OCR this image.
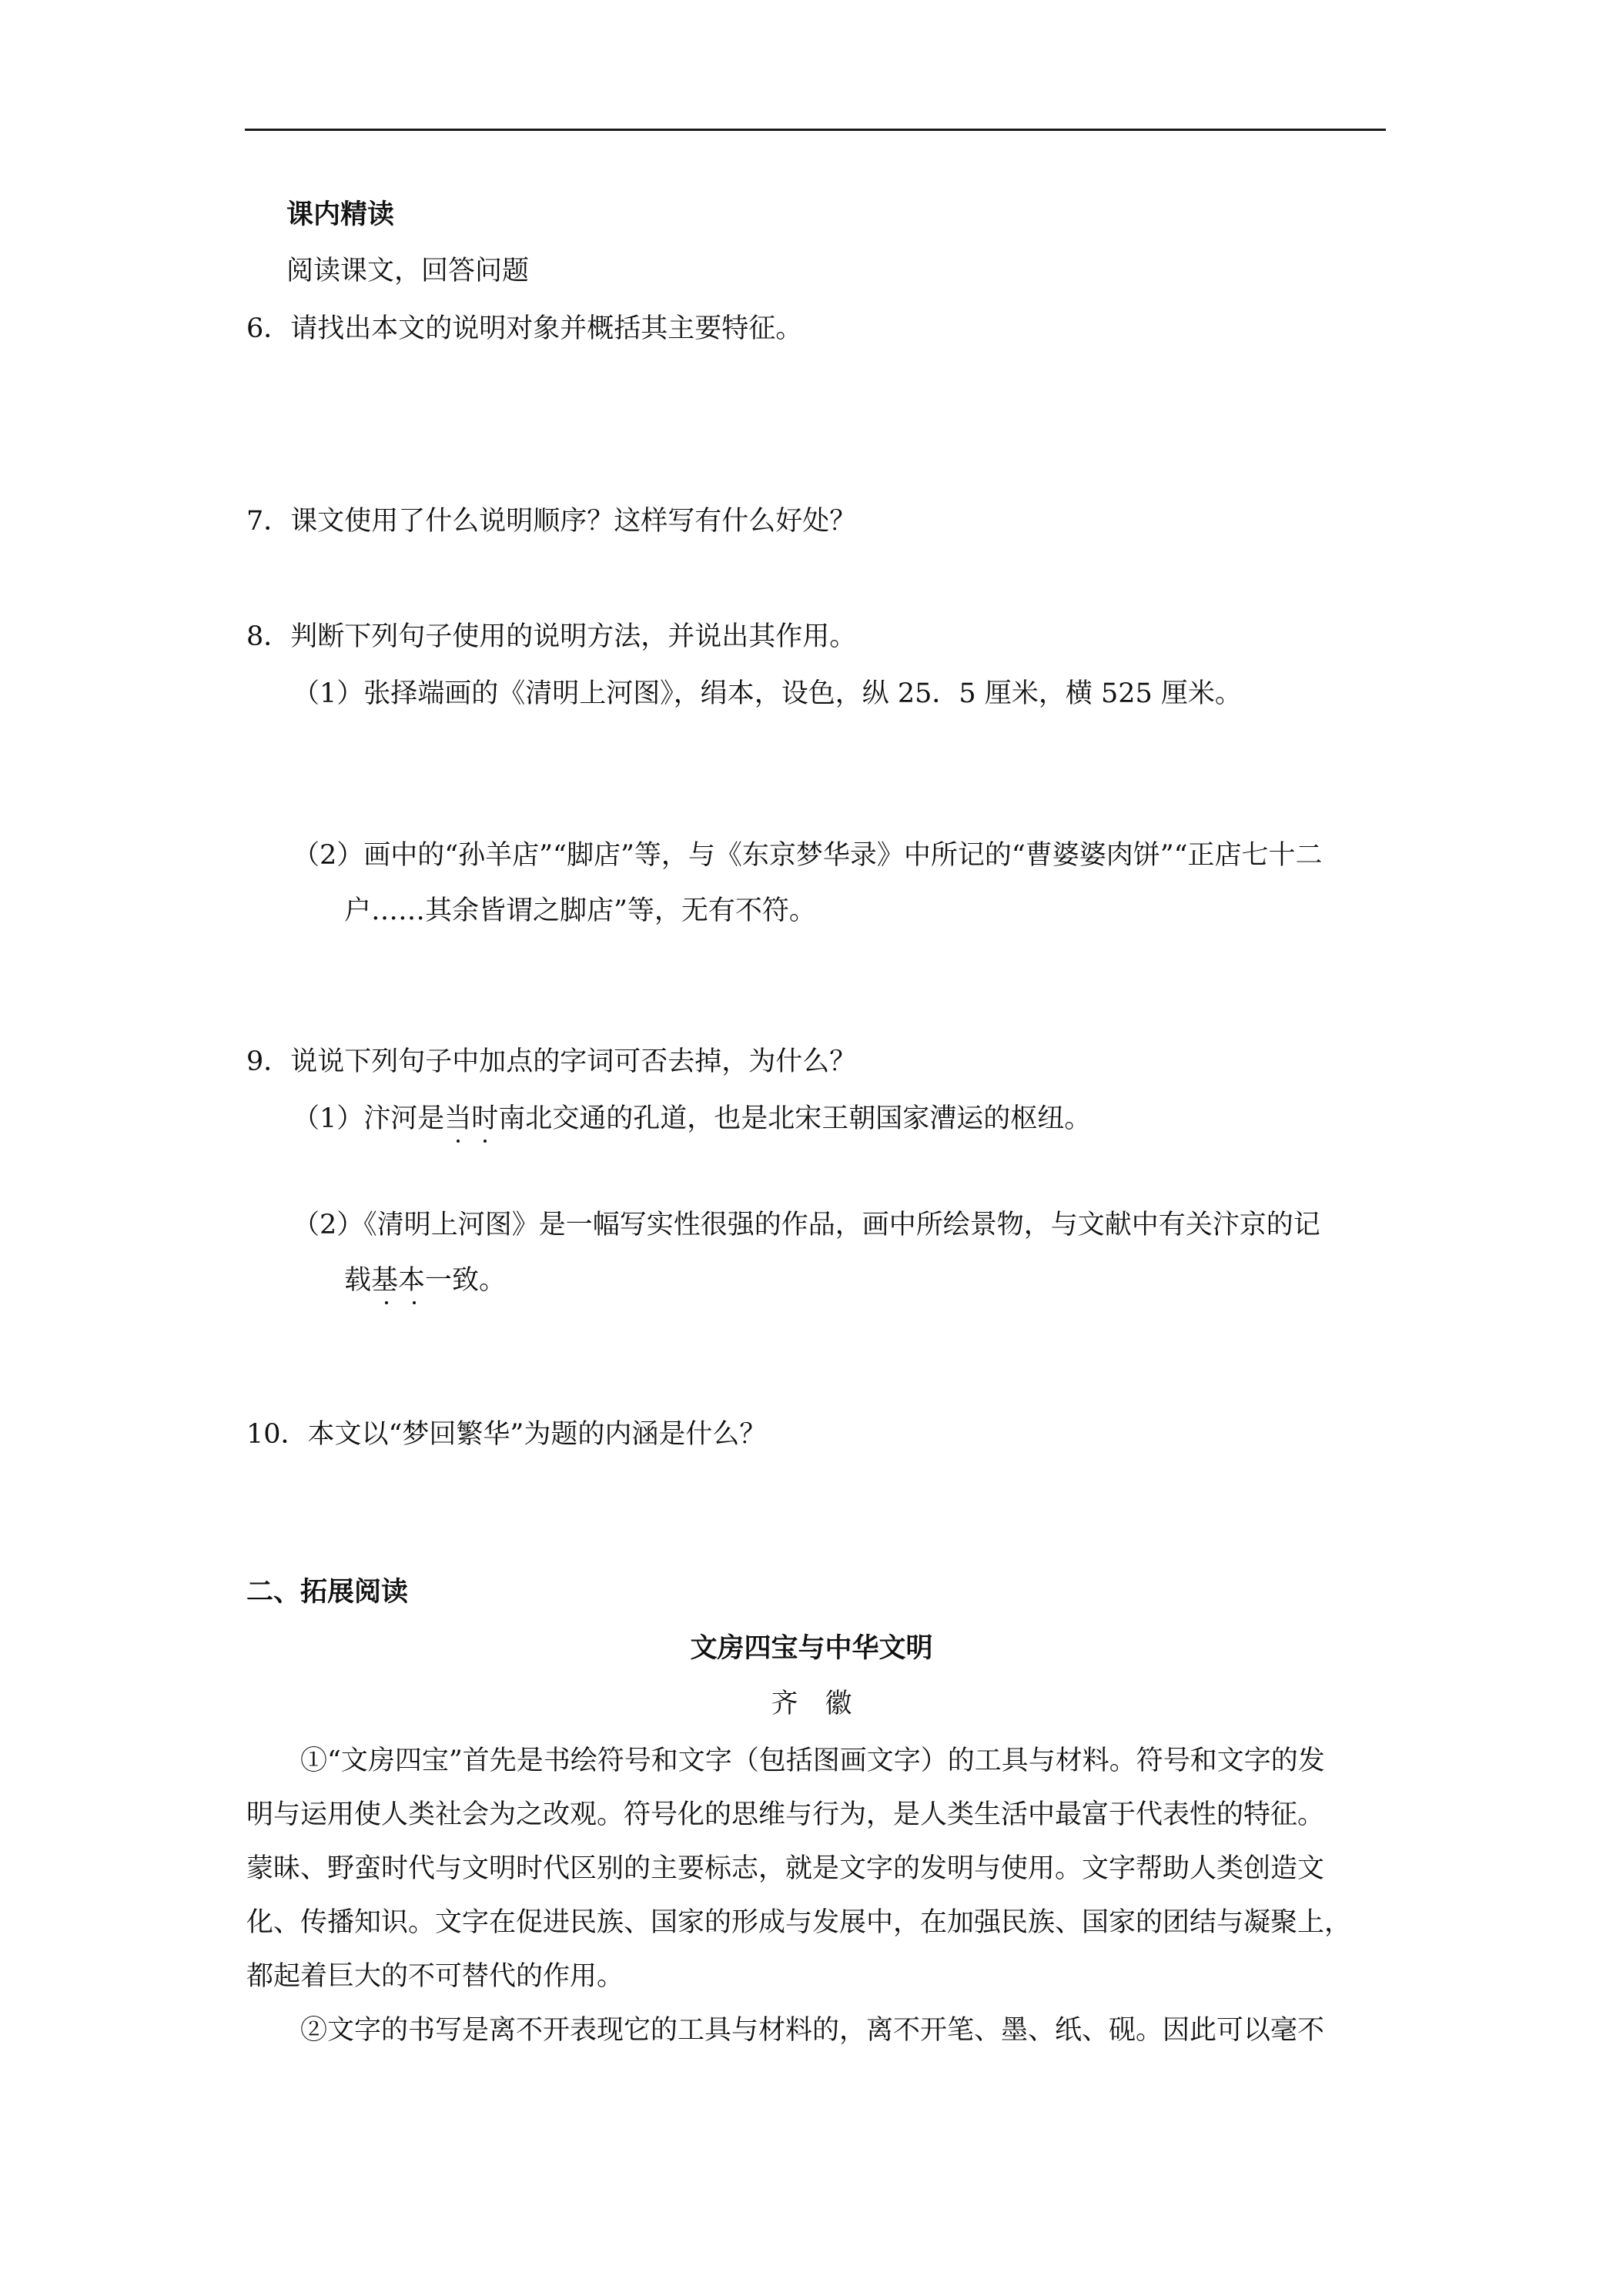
课内精读
阅读课文，回答问题
6．请找出本文的说明对象并概括其主要特征。
7．课文使用了什么说明顺序？这样写有什么好处？
8．判断下列句子使用的说明方法，并说出其作用。
（1）张择端画的《清明上河图》，绢本，设色，纵 25．5 厘米，横 525 厘米。
（2）画中的“孙羊店”“脚店”等，与《东京梦华录》中所记的“曹婆婆肉饼”“正店七十二
户……其余皆谓之脚店”等，无有不符。
9．说说下列句子中加点的字词可否去掉，为什么？
（1）汴河是当时南北交通的孔道，也是北宋王朝国家漕运的枢纽。
（2）《清明上河图》是一幅写实性很强的作品，画中所绘景物，与文献中有关汴京的记
载基本一致。
10．本文以“梦回繁华”为题的内涵是什么？
二、拓展阅读
文房四宝与中华文明
齐　徽
①“文房四宝”首先是书绘符号和文字（包括图画文字）的工具与材料。符号和文字的发
明与运用使人类社会为之改观。符号化的思维与行为，是人类生活中最富于代表性的特征。
蒙昧、野蛮时代与文明时代区别的主要标志，就是文字的发明与使用。文字帮助人类创造文
化、传播知识。文字在促进民族、国家的形成与发展中，在加强民族、国家的团结与凝聚上，
都起着巨大的不可替代的作用。
②文字的书写是离不开表现它的工具与材料的，离不开笔、墨、纸、砚。因此可以毫不
